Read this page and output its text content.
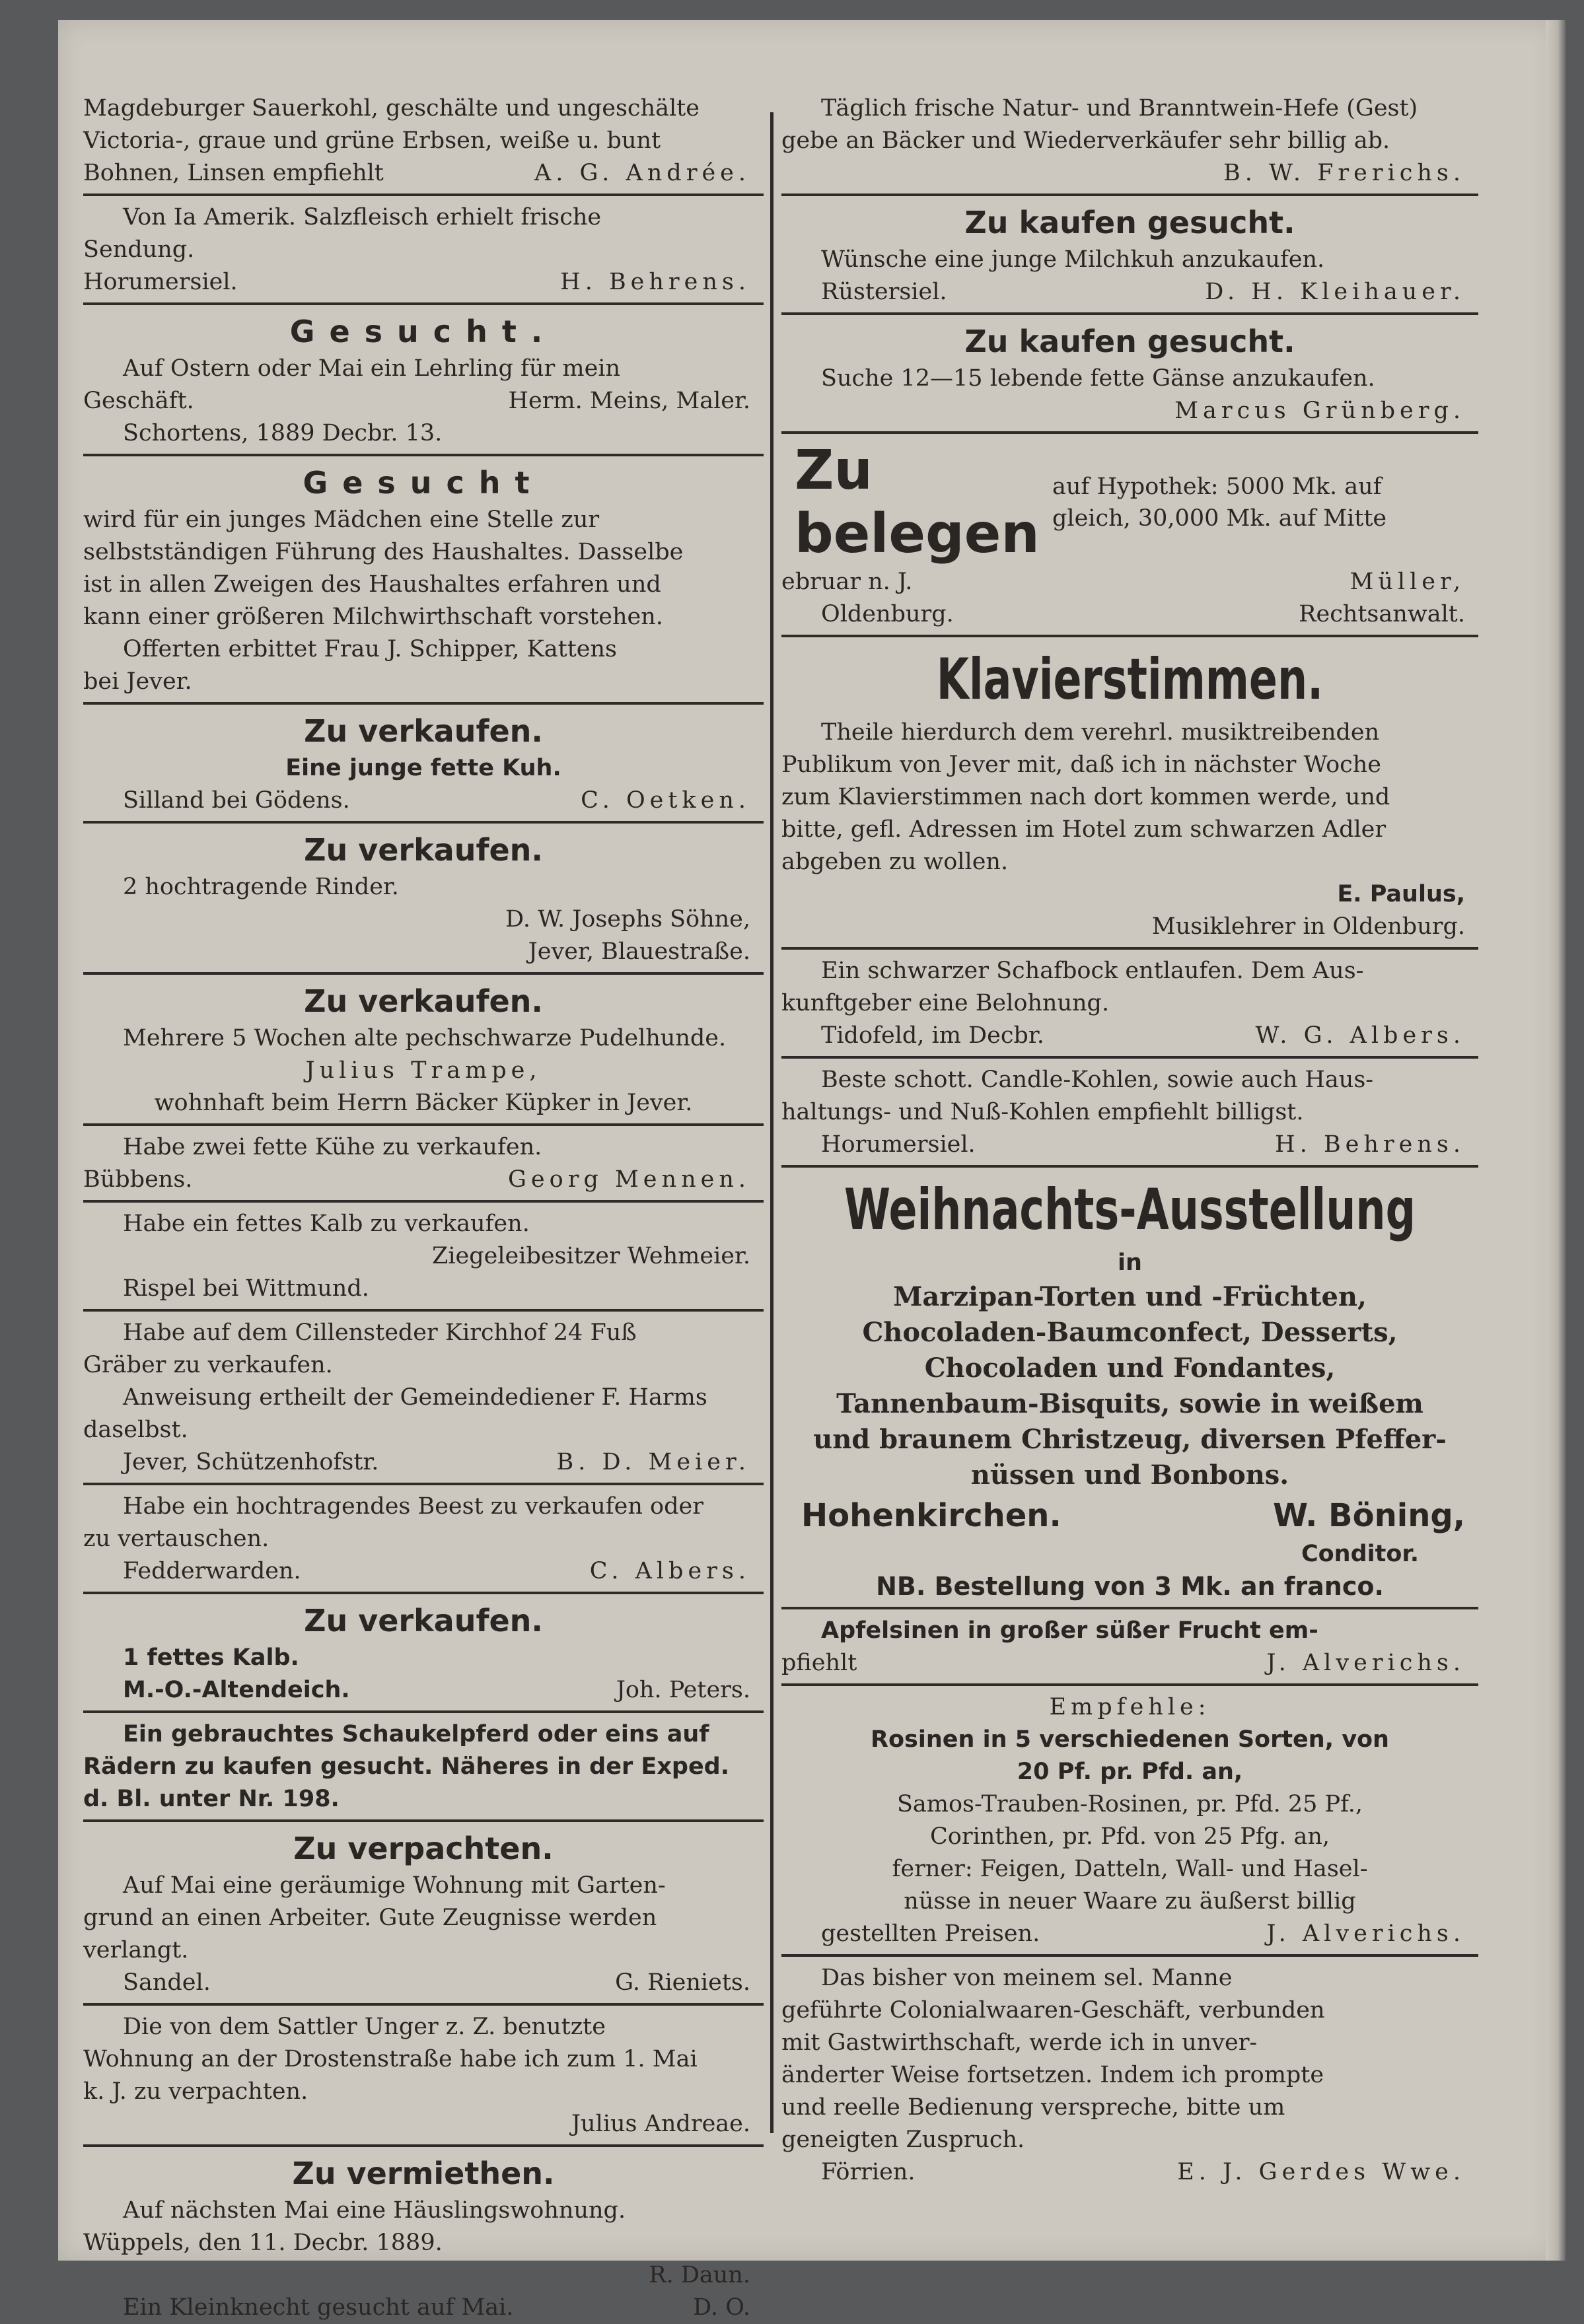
Magdeburger Sauerkohl, geschälte und ungeschälte

Victoria-, graue und grüne Erbsen, weiße u. bunt

Bohnen, Linsen empfiehlt	A. G. Andrée.

Von Ia Amerik. Salzfleisch erhielt frische

Sendung.

Horumersiel.	H. Behrens.
Gesucht.

Auf Ostern oder Mai ein Lehrling für mein

Geschäft.	Herm. Meins, Maler.

Schortens, 1889 Decbr. 13.

Gesucht

wird für ein junges Mädchen eine Stelle zur

selbstständigen Führung des Haushaltes. Dasselbe

ist in allen Zweigen des Haushaltes erfahren und

kann einer größeren Milchwirthschaft vorstehen.

Offerten erbittet Frau J. Schipper, Kattens

bei Jever.

Zu verkaufen.
Eine junge fette Kuh.
Silland bei Gödens.	C. Oetken.
Zu verkaufen.

2 hochtragende Rinder.

D. W. Josephs Söhne,
Jever, Blauestraße.
Zu verkaufen.

Mehrere 5 Wochen alte pechschwarze Pudelhunde.

Julius Trampe,
wohnhaft beim Herrn Bäcker Küpker in Jever.

Habe zwei fette Kühe zu verkaufen.

Bübbens.	Georg Mennen.

Habe ein fettes Kalb zu verkaufen.

Ziegeleibesitzer Wehmeier.

Rispel bei Wittmund.

Habe auf dem Cillensteder Kirchhof 24 Fuß

Gräber zu verkaufen.

Anweisung ertheilt der Gemeindediener F. Harms

daselbst.

Jever, Schützenhofstr.	B. D. Meier.

Habe ein hochtragendes Beest zu verkaufen oder

zu vertauschen.

Fedderwarden.	C. Albers.
Zu verkaufen.

1 fettes Kalb.

M.-O.-Altendeich.	Joh. Peters.

Ein gebrauchtes Schaukelpferd oder eins auf

Rädern zu kaufen gesucht. Näheres in der Exped.

d. Bl. unter Nr. 198.

Zu verpachten.

Auf Mai eine geräumige Wohnung mit Garten-

grund an einen Arbeiter. Gute Zeugnisse werden

verlangt.

Sandel.	G. Rieniets.

Die von dem Sattler Unger z. Z. benutzte

Wohnung an der Drostenstraße habe ich zum 1. Mai

k. J. zu verpachten.

Julius Andreae.
Zu vermiethen.

Auf nächsten Mai eine Häuslingswohnung.

Wüppels, den 11. Decbr. 1889.

R. Daun.
Ein Kleinknecht gesucht auf Mai.	D. O.

Täglich frische Natur- und Branntwein-Hefe (Gest)

gebe an Bäcker und Wiederverkäufer sehr billig ab.

B. W. Frerichs.
Zu kaufen gesucht.

Wünsche eine junge Milchkuh anzukaufen.

Rüstersiel.	D. H. Kleihauer.
Zu kaufen gesucht.

Suche 12—15 lebende fette Gänse anzukaufen.

Marcus Grünberg.
Zu belegen
auf Hypothek: 5000 Mk. auf
gleich, 30,000 Mk. auf Mitte
ebruar n. J.	Müller,
Oldenburg.	Rechtsanwalt.
Klavierstimmen.

Theile hierdurch dem verehrl. musiktreibenden

Publikum von Jever mit, daß ich in nächster Woche

zum Klavierstimmen nach dort kommen werde, und

bitte, gefl. Adressen im Hotel zum schwarzen Adler

abgeben zu wollen.

E. Paulus,
Musiklehrer in Oldenburg.

Ein schwarzer Schafbock entlaufen. Dem Aus-

kunftgeber eine Belohnung.

Tidofeld, im Decbr.	W. G. Albers.

Beste schott. Candle-Kohlen, sowie auch Haus-

haltungs- und Nuß-Kohlen empfiehlt billigst.

Horumersiel.	H. Behrens.
Weihnachts-Ausstellung
in
Marzipan-Torten und -Früchten,
Chocoladen-Baumconfect, Desserts,
Chocoladen und Fondantes,
Tannenbaum-Bisquits, sowie in weißem
und braunem Christzeug, diversen Pfeffer-
nüssen und Bonbons.
Hohenkirchen.	W. Böning,
Conditor.
NB. Bestellung von 3 Mk. an franco.

Apfelsinen in großer süßer Frucht em-

pfiehlt	J. Alverichs.
Empfehle:
Rosinen in 5 verschiedenen Sorten, von
20 Pf. pr. Pfd. an,
Samos-Trauben-Rosinen, pr. Pfd. 25 Pf.,
Corinthen, pr. Pfd. von 25 Pfg. an,
ferner: Feigen, Datteln, Wall- und Hasel-
nüsse in neuer Waare zu äußerst billig
gestellten Preisen.	J. Alverichs.

Das bisher von meinem sel. Manne

geführte Colonialwaaren-Geschäft, verbunden

mit Gastwirthschaft, werde ich in unver-

änderter Weise fortsetzen. Indem ich prompte

und reelle Bedienung verspreche, bitte um

geneigten Zuspruch.

Förrien.	E. J. Gerdes Wwe.
